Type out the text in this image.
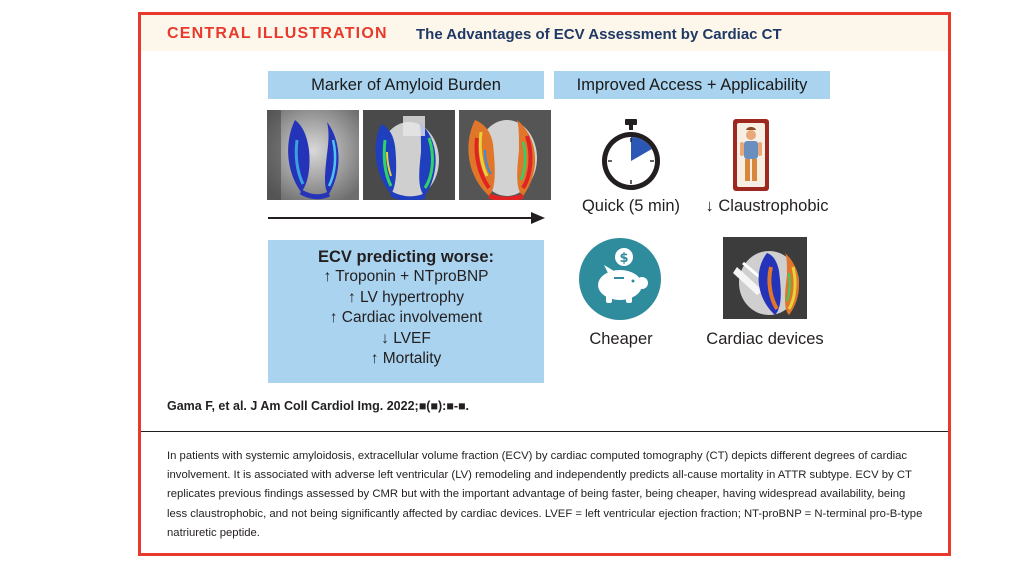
CENTRAL ILLUSTRATION The Advantages of ECV Assessment by Cardiac CT
Marker of Amyloid Burden
ECV predicting worse:
↑ Troponin + NTproBNP
↑ LV hypertrophy
↑ Cardiac involvement
↓ LVEF
↑ Mortality
Improved Access + Applicability
Quick (5 min)	↓ Claustrophobic
$
Cheaper	Cardiac devices
Gama F, et al. J Am Coll Cardiol Img. 2022;■(■):■-■.
In patients with systemic amyloidosis, extracellular volume fraction (ECV) by cardiac computed tomography (CT) depicts different degrees of cardiac involvement. It is associated with adverse left ventricular (LV) remodeling and independently predicts all-cause mortality in ATTR subtype. ECV by CT replicates previous findings assessed by CMR but with the important advantage of being faster, being cheaper, having widespread availability, being less claustrophobic, and not being significantly affected by cardiac devices. LVEF = left ventricular ejection fraction; NT-proBNP = N-terminal pro-B-type natriuretic peptide.
